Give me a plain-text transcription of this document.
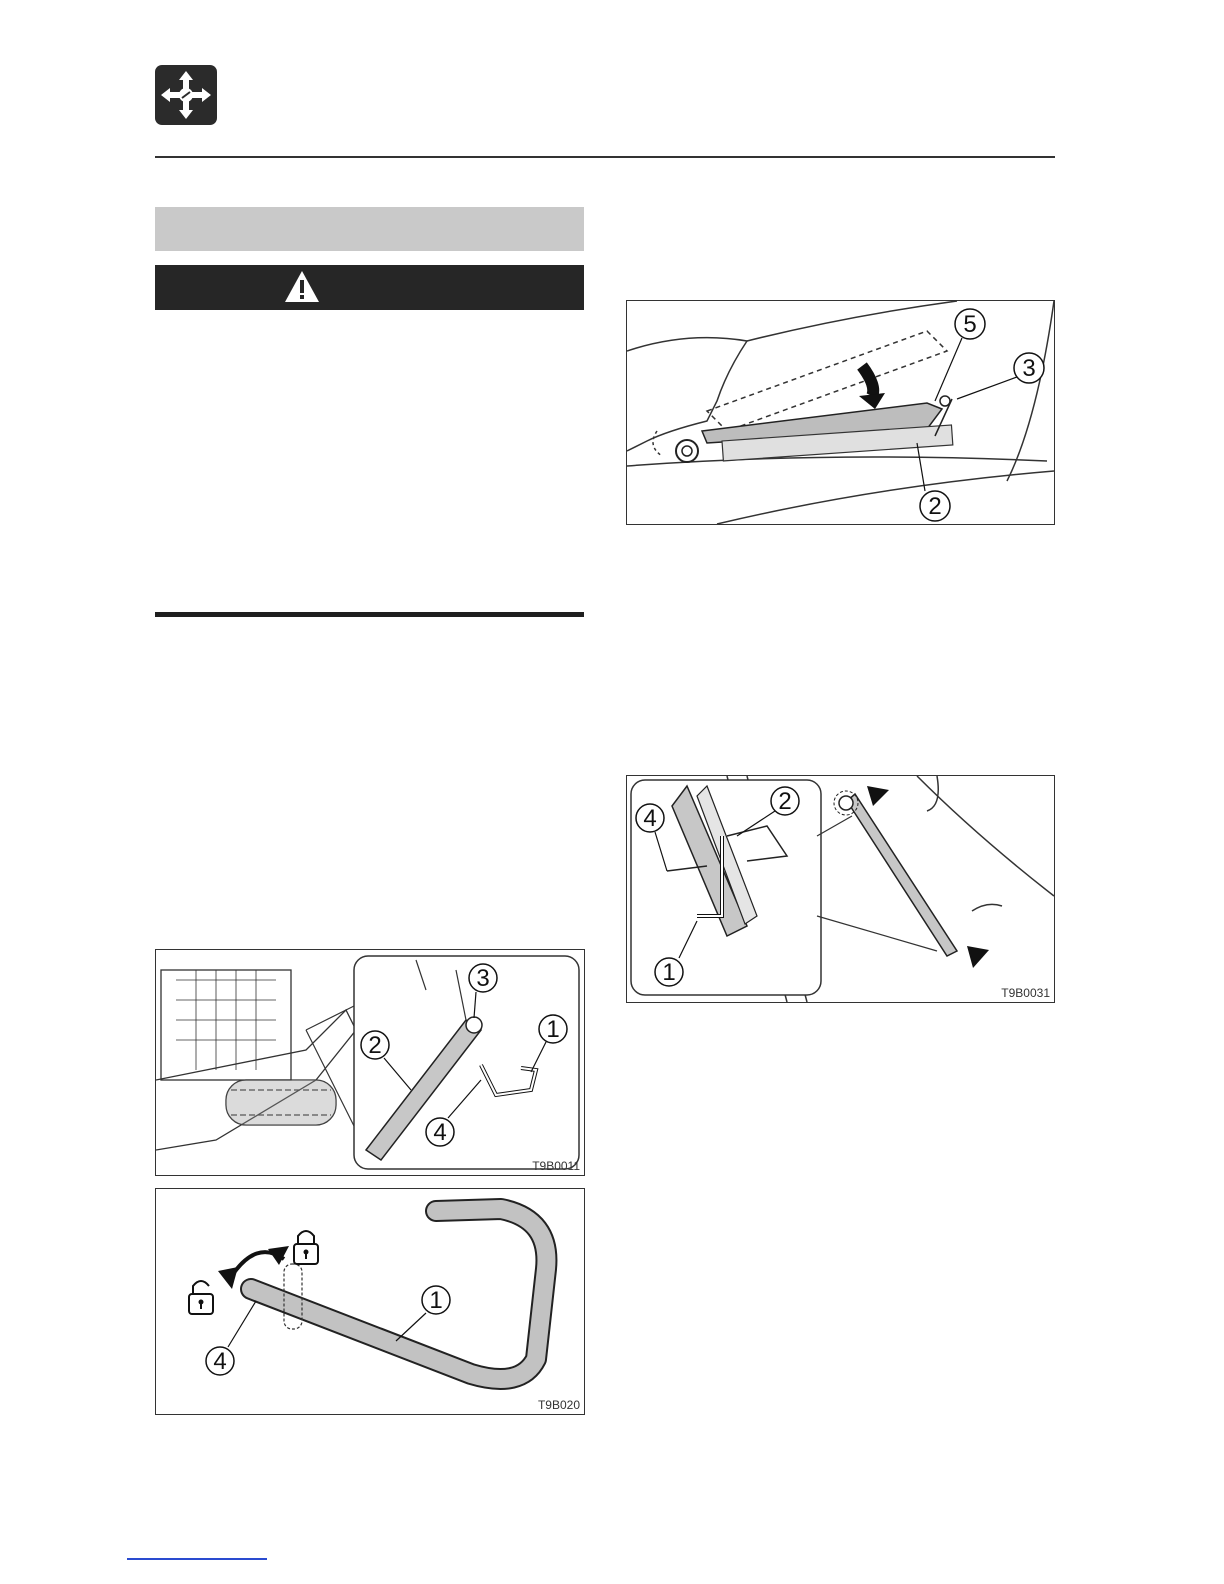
5
3
2
4
2
1
T9B0031
3
1
2
4
T9B0011
1
4
T9B020
